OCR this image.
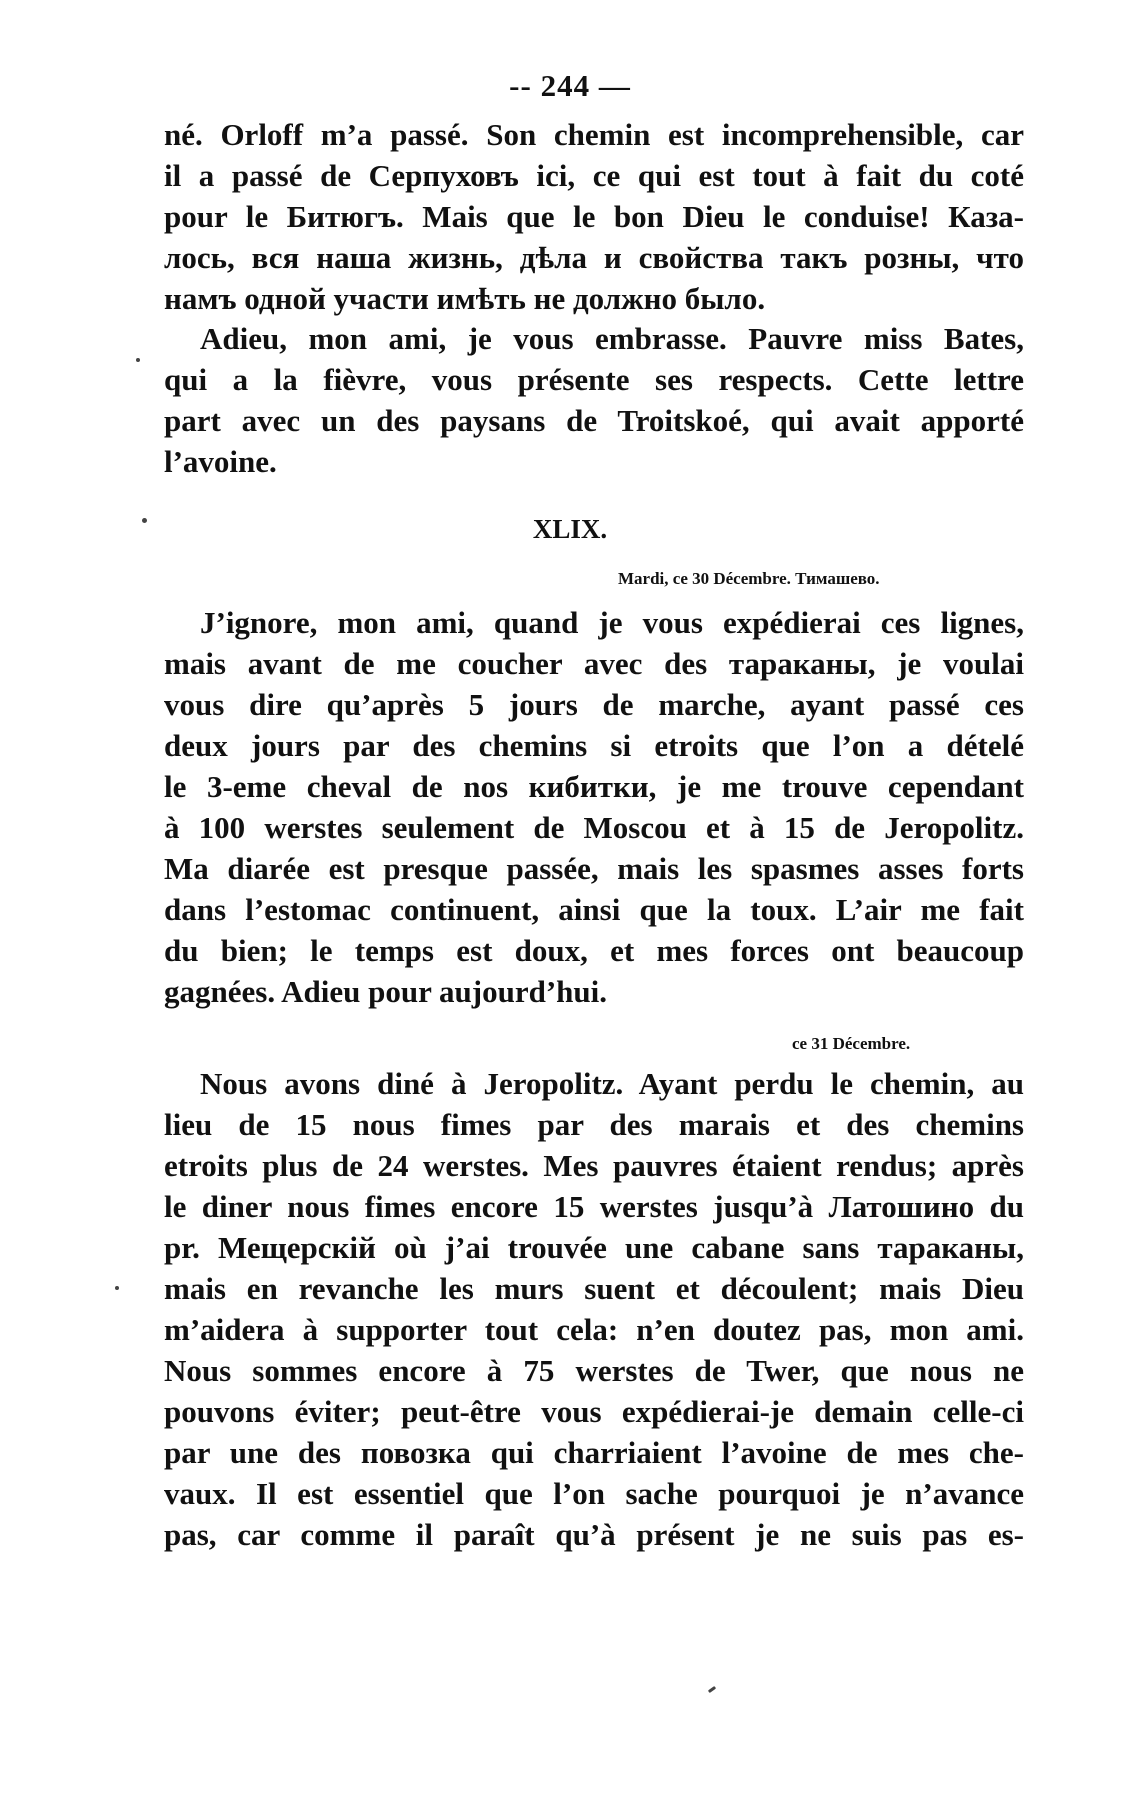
-- 244 —
né. Orloff m’a passé. Son chemin est incomprehensible, car
il a passé de Серпуховъ ici, ce qui est tout à fait du coté
pour le Битюгъ. Mais que le bon Dieu le conduise! Каза-
лось, вся наша жизнь, дѣла и свойства такъ розны, что
намъ одной участи имѣть не должно было.
Adieu, mon ami, je vous embrasse. Pauvre miss Bates,
qui a la fièvre, vous présente ses respects. Cette lettre
part avec un des paysans de Troitskoé, qui avait apporté
l’avoine.
XLIX.
Mardi, ce 30 Décembre. Тимашево.
J’ignore, mon ami, quand je vous expédierai ces lignes,
mais avant de me coucher avec des тараканы, je voulai
vous dire qu’après 5 jours de marche, ayant passé ces
deux jours par des chemins si etroits que l’on a dételé
le 3-eme cheval de nos кибитки, je me trouve cependant
à 100 werstes seulement de Moscou et à 15 de Jeropolitz.
Ma diarée est presque passée, mais les spasmes asses forts
dans l’estomac continuent, ainsi que la toux. L’air me fait
du bien; le temps est doux, et mes forces ont beaucoup
gagnées. Adieu pour aujourd’hui.
ce 31 Décembre.
Nous avons diné à Jeropolitz. Ayant perdu le chemin, au
lieu de 15 nous fimes par des marais et des chemins
etroits plus de 24 werstes. Mes pauvres étaient rendus; après
le diner nous fimes encore 15 werstes jusqu’à Латошино du
pr. Мещерскій où j’ai trouvée une cabane sans тараканы,
mais en revanche les murs suent et découlent; mais Dieu
m’aidera à supporter tout cela: n’en doutez pas, mon ami.
Nous sommes encore à 75 werstes de Twer, que nous ne
pouvons éviter; peut-être vous expédierai-je demain celle-ci
par une des повозка qui charriaient l’avoine de mes che-
vaux. Il est essentiel que l’on sache pourquoi je n’avance
pas, car comme il paraît qu’à présent je ne suis pas es-
